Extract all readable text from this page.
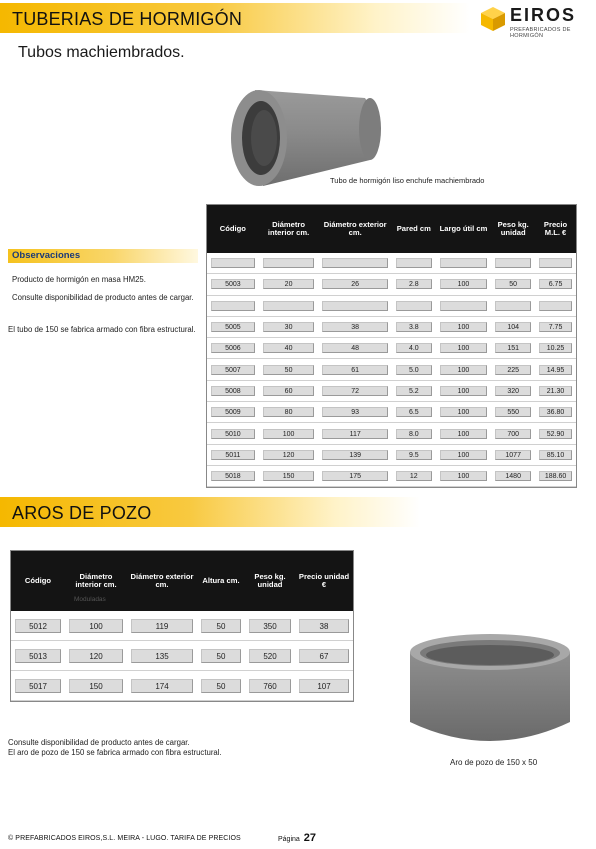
TUBERIAS DE HORMIGÓN	EIROS
PREFABRICADOS DE HORMIGÓN
Tubos machiembrados.
Tubo de hormigón liso enchufe machiembrado
Observaciones
Producto de hormigón en masa HM25.
Consulte disponibilidad de producto antes de cargar.
El tubo de 150 se fabrica armado con fibra estructural.
Código	Diámetro interior cm.	Diámetro exterior cm.	Pared cm	Largo útil cm	Peso kg. unidad	Precio M.L. €

5003	20	26	2.8	100	50	6.75

5005	30	38	3.8	100	104	7.75

5006	40	48	4.0	100	151	10.25

5007	50	61	5.0	100	225	14.95

5008	60	72	5.2	100	320	21.30

5009	80	93	6.5	100	550	36.80

5010	100	117	8.0	100	700	52.90

5011	120	139	9.5	100	1077	85.10

5018	150	175	12	100	1480	188.60
AROS DE POZO
Código	Diámetro interior cm.	Diámetro exterior cm.	Altura cm.	Peso kg. unidad	Precio unidad €

5012	100	119	50	350	38

5013	120	135	50	520	67

5017	150	174	50	760	107
Moduladas
Aro de pozo de 150 x 50
Consulte disponibilidad de producto antes de cargar.
El aro de pozo de 150 se fabrica armado con fibra estructural.
© PREFABRICADOS EIROS,S.L. MEIRA - LUGO. TARIFA DE PRECIOS	Página 27
